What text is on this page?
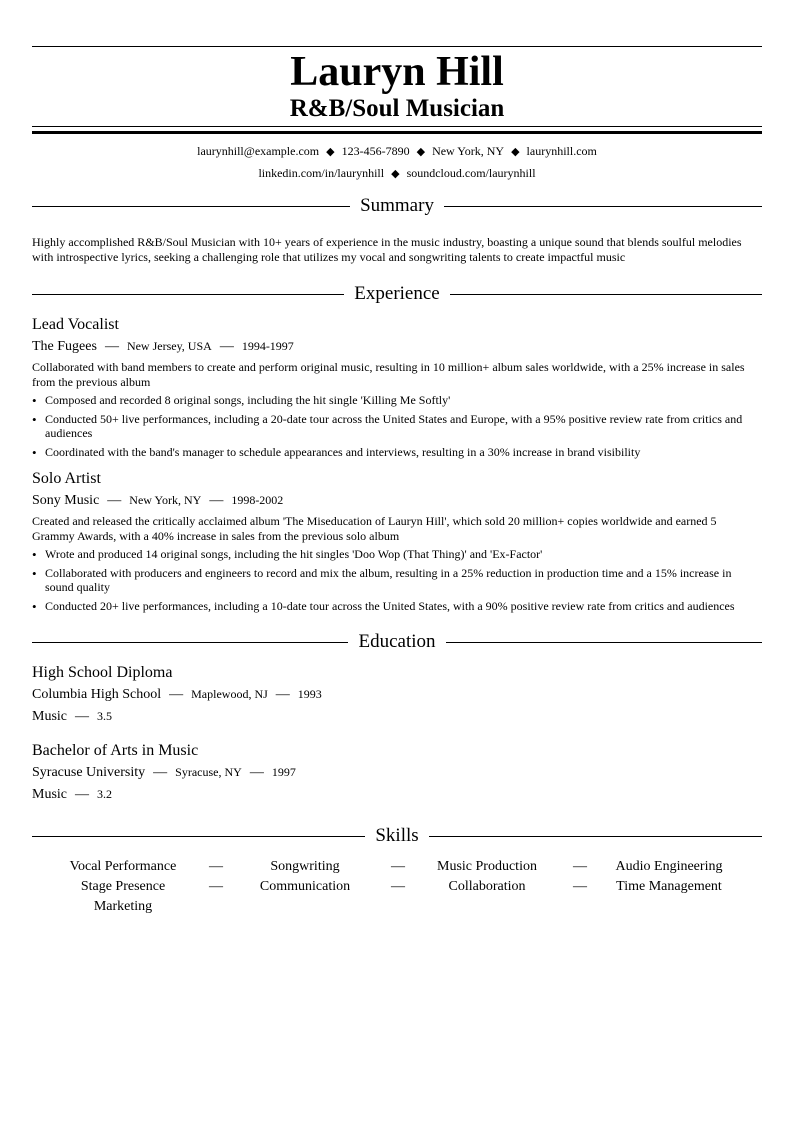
Lauryn Hill
R&B/Soul Musician
laurynhill@example.com ◆ 123-456-7890 ◆ New York, NY ◆ laurynhill.com
linkedin.com/in/laurynhill ◆ soundcloud.com/laurynhill
Summary
Highly accomplished R&B/Soul Musician with 10+ years of experience in the music industry, boasting a unique sound that blends soulful melodies with introspective lyrics, seeking a challenging role that utilizes my vocal and songwriting talents to create impactful music
Experience
Lead Vocalist
The Fugees — New Jersey, USA — 1994-1997
Collaborated with band members to create and perform original music, resulting in 10 million+ album sales worldwide, with a 25% increase in sales from the previous album
• Composed and recorded 8 original songs, including the hit single 'Killing Me Softly'
• Conducted 50+ live performances, including a 20-date tour across the United States and Europe, with a 95% positive review rate from critics and audiences
• Coordinated with the band's manager to schedule appearances and interviews, resulting in a 30% increase in brand visibility
Solo Artist
Sony Music — New York, NY — 1998-2002
Created and released the critically acclaimed album 'The Miseducation of Lauryn Hill', which sold 20 million+ copies worldwide and earned 5 Grammy Awards, with a 40% increase in sales from the previous solo album
• Wrote and produced 14 original songs, including the hit singles 'Doo Wop (That Thing)' and 'Ex-Factor'
• Collaborated with producers and engineers to record and mix the album, resulting in a 25% reduction in production time and a 15% increase in sound quality
• Conducted 20+ live performances, including a 10-date tour across the United States, with a 90% positive review rate from critics and audiences
Education
High School Diploma
Columbia High School — Maplewood, NJ — 1993
Music — 3.5
Bachelor of Arts in Music
Syracuse University — Syracuse, NY — 1997
Music — 3.2
Skills
Vocal Performance —	Songwriting	—	Music Production	—	Audio Engineering
Stage Presence	—	Communication	—	Collaboration	—	Time Management
Marketing
